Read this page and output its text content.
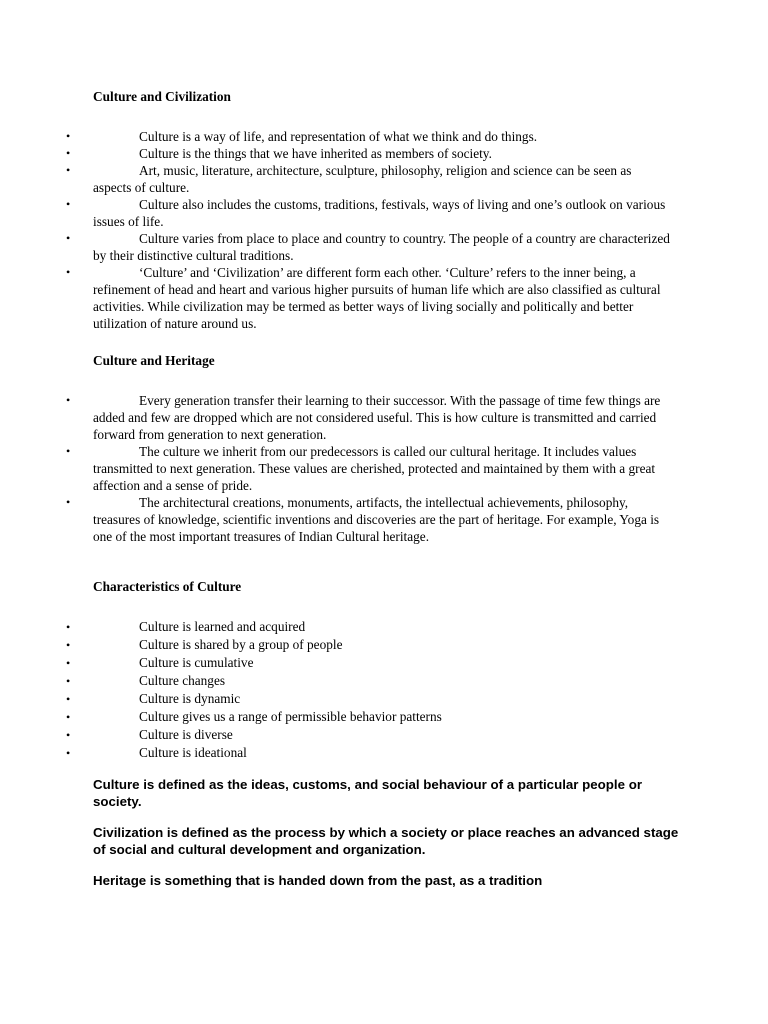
Culture and Civilization
•	Culture is a way of life, and representation of what we think and do things.
•	Culture is the things that we have inherited as members of society.
•	Art, music, literature, architecture, sculpture, philosophy, religion and science can be seen as aspects of culture.
•	Culture also includes the customs, traditions, festivals, ways of living and one’s outlook on various issues of life.
•	Culture varies from place to place and country to country. The people of a country are characterized by their distinctive cultural traditions.
•	‘Culture’ and ‘Civilization’ are different form each other. ‘Culture’ refers to the inner being, a refinement of head and heart and various higher pursuits of human life which are also classified as cultural activities. While civilization may be termed as better ways of living socially and politically and better utilization of nature around us.
Culture and Heritage
•	Every generation transfer their learning to their successor. With the passage of time few things are added and few are dropped which are not considered useful. This is how culture is transmitted and carried forward from generation to next generation.
•	The culture we inherit from our predecessors is called our cultural heritage. It includes values transmitted to next generation. These values are cherished, protected and maintained by them with a great affection and a sense of pride.
•	The architectural creations, monuments, artifacts, the intellectual achievements, philosophy, treasures of knowledge, scientific inventions and discoveries are the part of heritage. For example, Yoga is one of the most important treasures of Indian Cultural heritage.
Characteristics of Culture
•	Culture is learned and acquired
•	Culture is shared by a group of people
•	Culture is cumulative
•	Culture changes
•	Culture is dynamic
•	Culture gives us a range of permissible behavior patterns
•	Culture is diverse
•	Culture is ideational
Culture is defined as the ideas, customs, and social behaviour of a particular people or society.
Civilization is defined as the process by which a society or place reaches an advanced stage of social and cultural development and organization.
Heritage is something that is handed down from the past, as a tradition
